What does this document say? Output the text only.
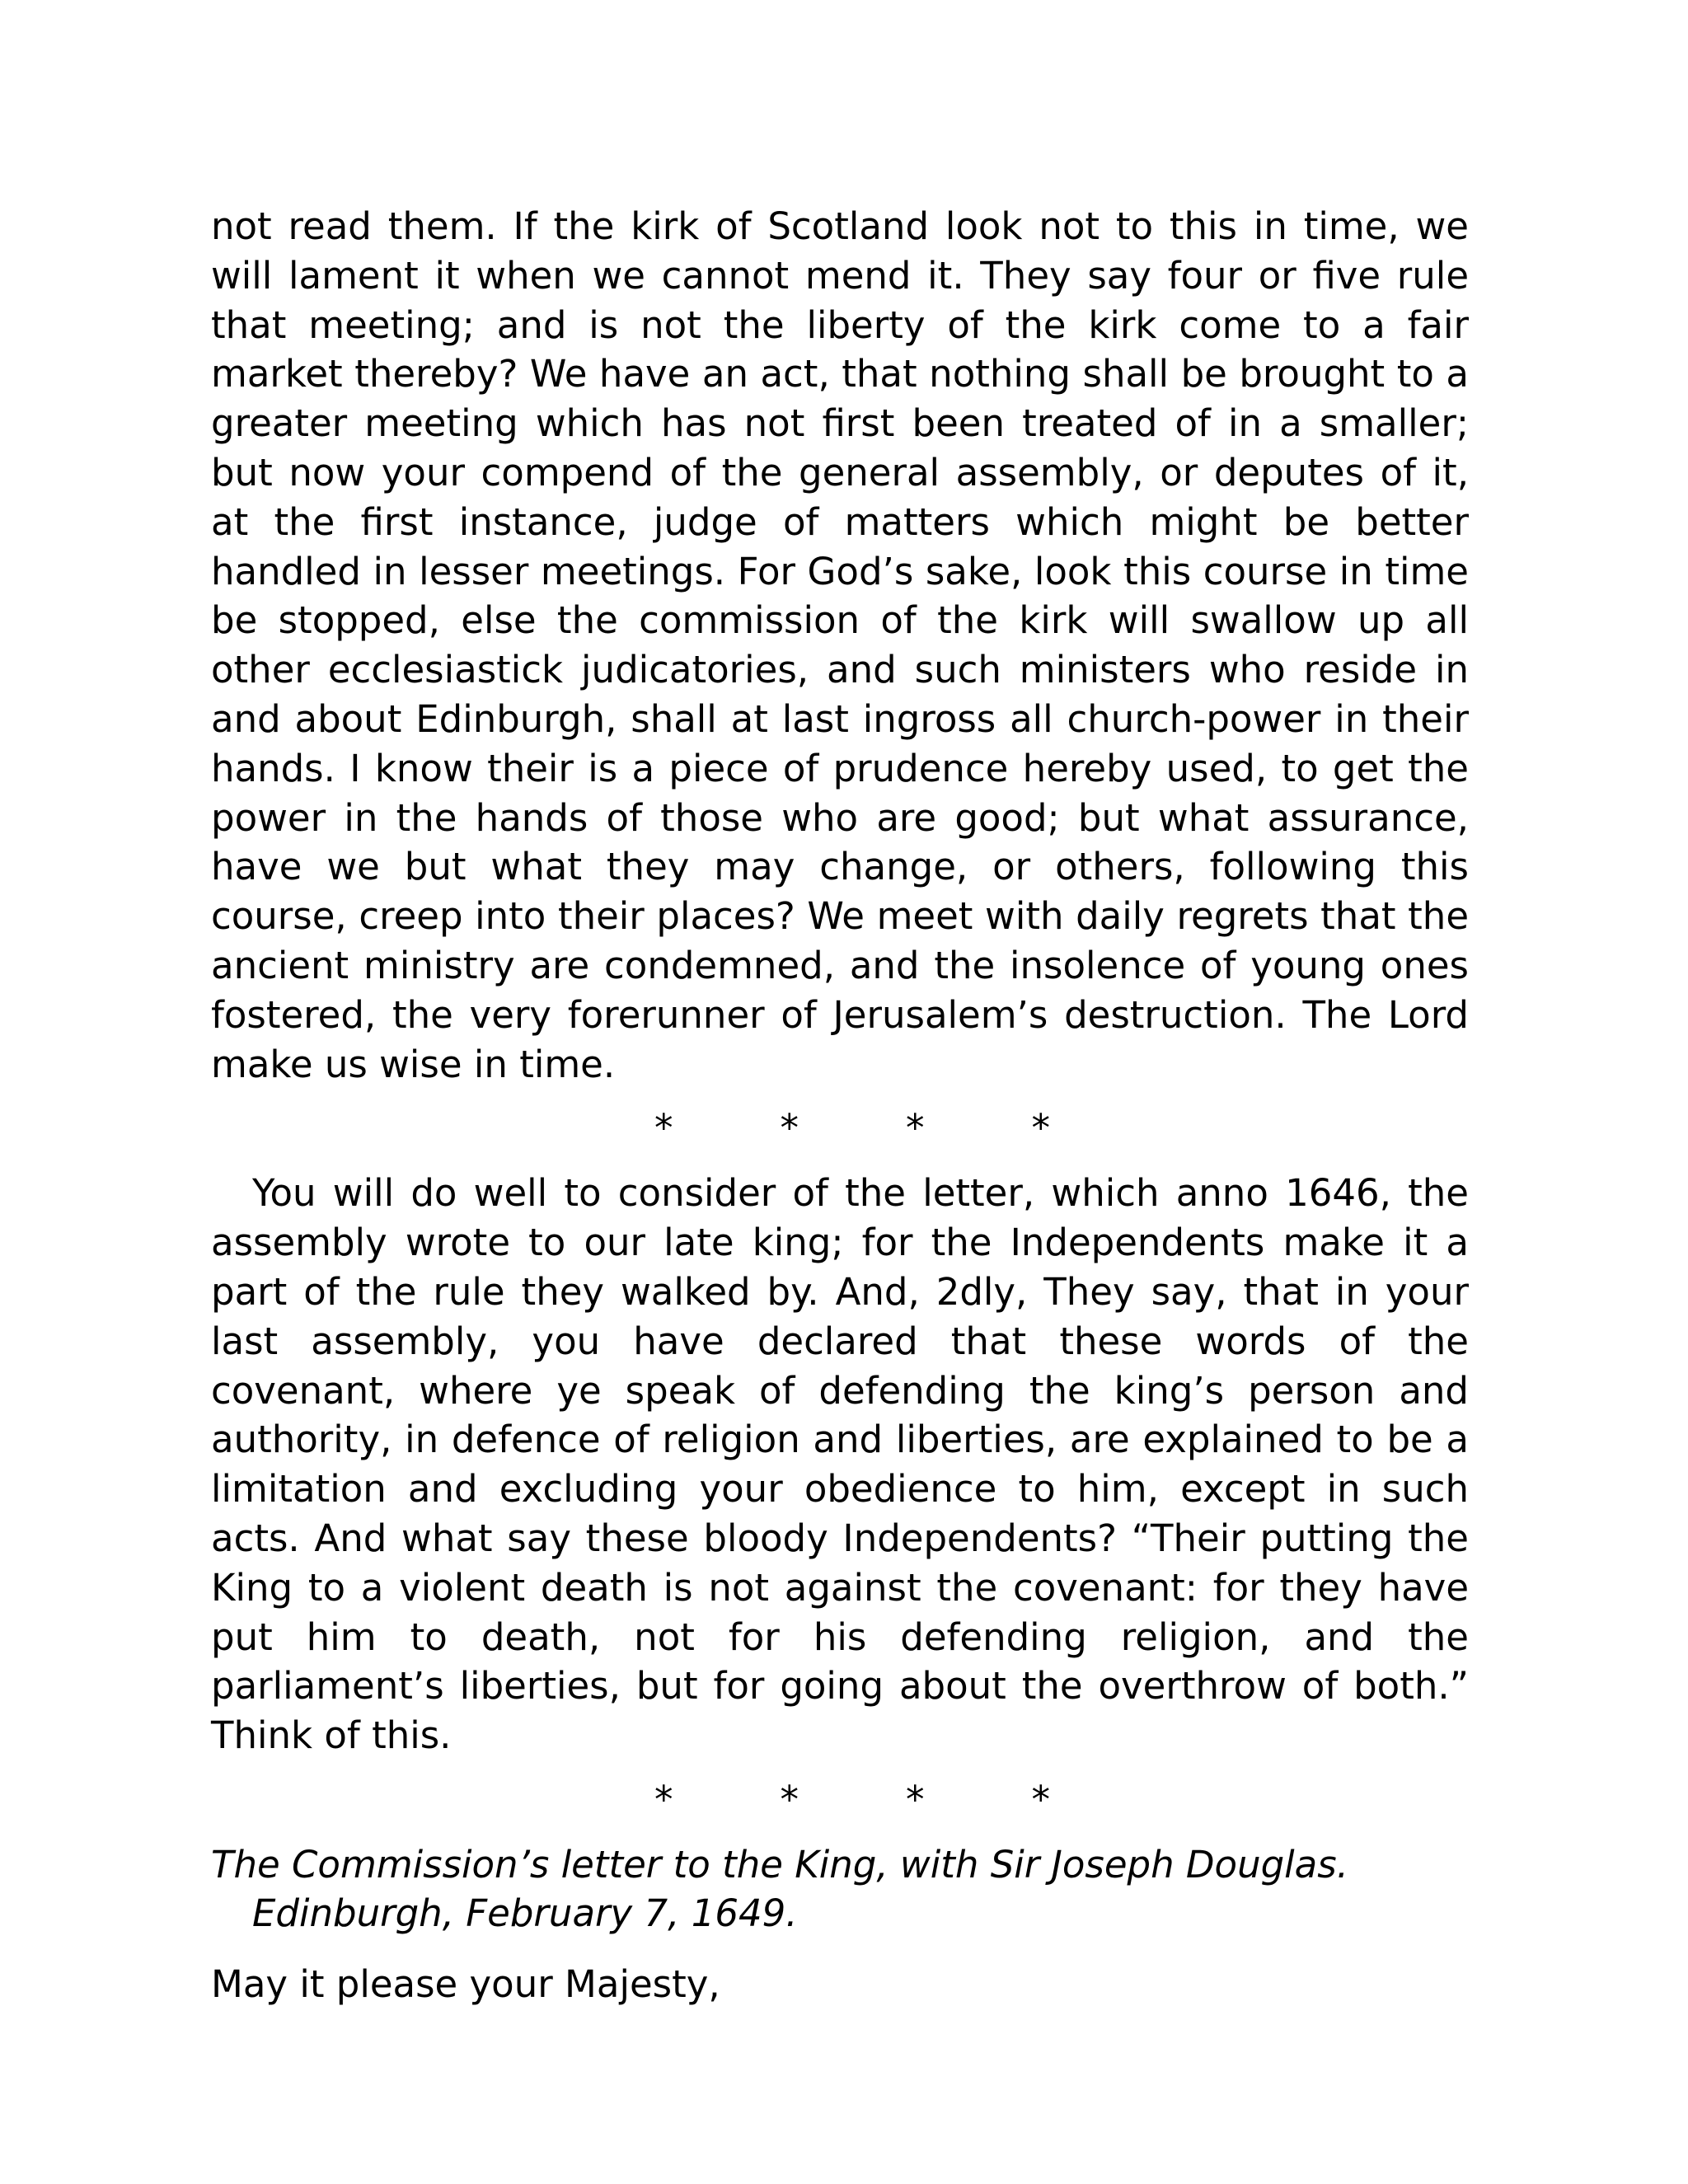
not read them. If the kirk of Scotland look not to this in time, we will lament it when we cannot mend it. They say four or five rule that meeting; and is not the liberty of the kirk come to a fair market thereby? We have an act, that nothing shall be brought to a greater meeting which has not first been treated of in a smaller; but now your compend of the general assembly, or deputes of it, at the first instance, judge of matters which might be better handled in lesser meetings. For God’s sake, look this course in time be stopped, else the commission of the kirk will swallow up all other ecclesiastick judicatories, and such ministers who reside in and about Edinburgh, shall at last ingross all church-power in their hands. I know their is a piece of prudence hereby used, to get the power in the hands of those who are good; but what assurance, have we but what they may change, or others, following this course, creep into their places? We meet with daily regrets that the ancient ministry are condemned, and the insolence of young ones fostered, the very forerunner of Jerusalem’s destruction. The Lord make us wise in time.

*	*	*	*

You will do well to consider of the letter, which anno 1646, the assembly wrote to our late king; for the Independents make it a part of the rule they walked by. And, 2dly, They say, that in your last assembly, you have declared that these words of the covenant, where ye speak of defending the king’s person and authority, in defence of religion and liberties, are explained to be a limitation and excluding your obedience to him, except in such acts. And what say these bloody Independents? “Their putting the King to a violent death is not against the covenant: for they have put him to death, not for his defending religion, and the parliament’s liberties, but for going about the overthrow of both.” Think of this.

*	*	*	*

The Commission’s letter to the King, with Sir Joseph Douglas.
Edinburgh, February 7, 1649.

May it please your Majesty,
